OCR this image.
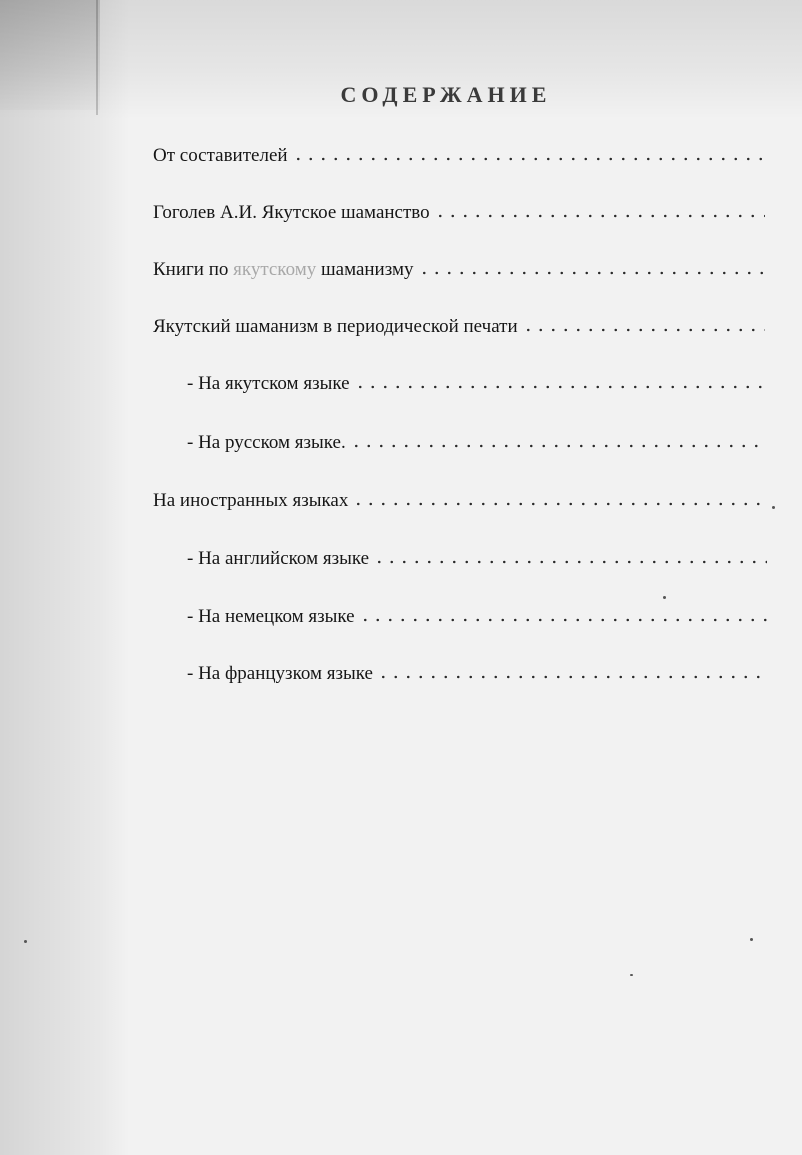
СОДЕРЖАНИЕ
От составителей
Гоголев А.И. Якутское шаманство
Книги по якутскому шаманизму
Якутский шаманизм в периодической печати
- На якутском языке
- На русском языке.
На иностранных языках
- На английском языке
- На немецком языке
- На французком языке
